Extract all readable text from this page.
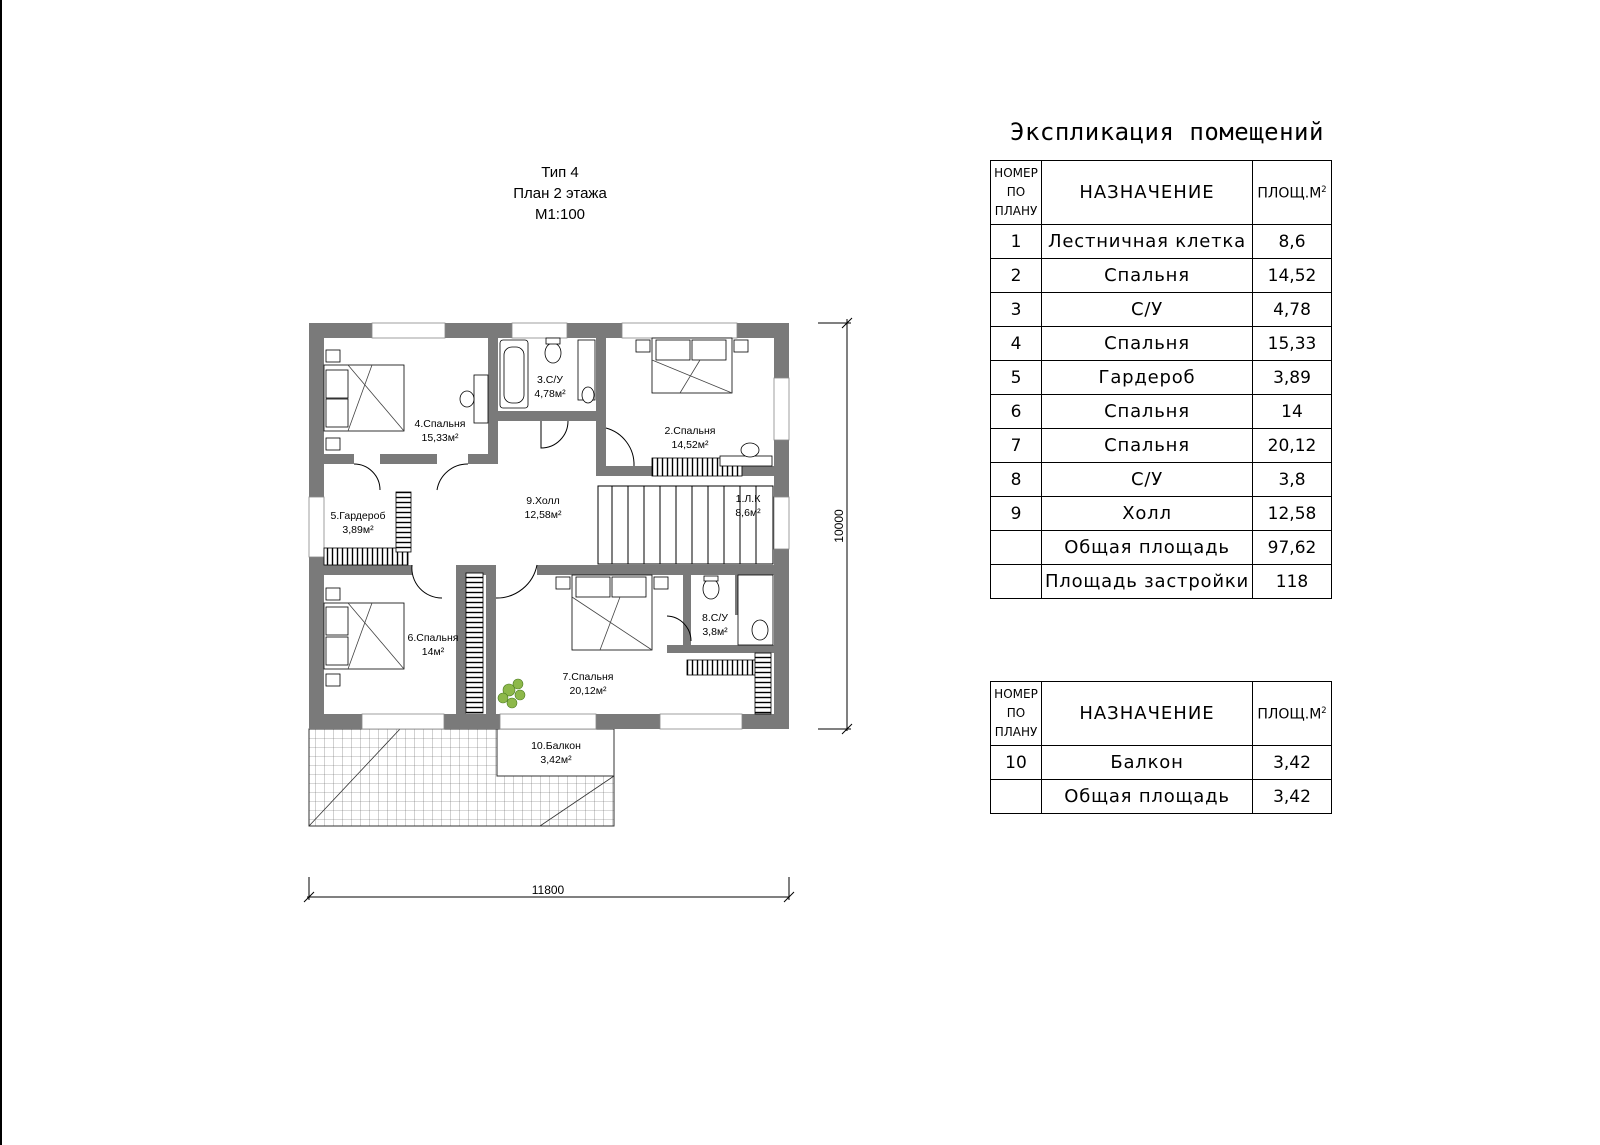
Тип 4
План 2 этажа
М1:100
4.Спальня
15,33м²
3.С/У
4,78м²
2.Спальня
14,52м²
5.Гардероб
3,89м²
9.Холл
12,58м²
1.Л.К
8,6м²
6.Спальня
14м²
7.Спальня
20,12м²
8.С/У
3,8м²
10.Балкон
3,42м²
11800
10000
Экспликация помещений
НОМЕР
ПО
ПЛАНУ	НАЗНАЧЕНИЕ	$ПЛОЩ.М^2$
1	Лестничная клетка	8,6
2	Спальня	14,52
3	С/У	4,78
4	Спальня	15,33
5	Гардероб	3,89
6	Спальня	14
7	Спальня	20,12
8	С/У	3,8
9	Холл	12,58
	Общая площадь	97,62
	Площадь застройки	118
НОМЕР
ПО
ПЛАНУ	НАЗНАЧЕНИЕ	$ПЛОЩ.М^2$
10	Балкон	3,42
	Общая площадь	3,42
